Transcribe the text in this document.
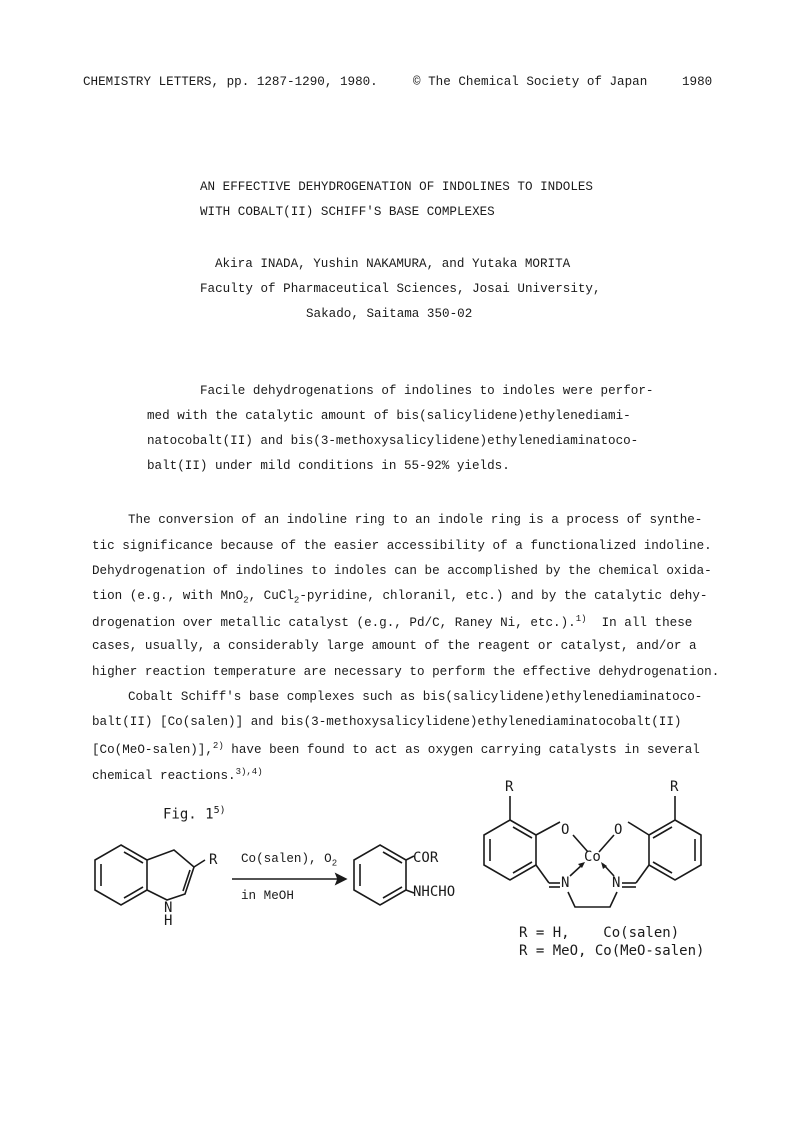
CHEMISTRY LETTERS, pp. 1287-1290, 1980.	© The Chemical Society of Japan	1980
AN EFFECTIVE DEHYDROGENATION OF INDOLINES TO INDOLES
WITH COBALT(II) SCHIFF'S BASE COMPLEXES
Akira INADA, Yushin NAKAMURA, and Yutaka MORITA
Faculty of Pharmaceutical Sciences, Josai University,
Sakado, Saitama 350-02
Facile dehydrogenations of indolines to indoles were perfor-
med with the catalytic amount of bis(salicylidene)ethylenediami-
natocobalt(II) and bis(3-methoxysalicylidene)ethylenediaminatoco-
balt(II) under mild conditions in 55-92% yields.
The conversion of an indoline ring to an indole ring is a process of synthe-
tic significance because of the easier accessibility of a functionalized indoline.
Dehydrogenation of indolines to indoles can be accomplished by the chemical oxida-
tion (e.g., with MnO$_2$, CuCl$_2$-pyridine, chloranil, etc.) and by the catalytic dehy-
drogenation over metallic catalyst (e.g., Pd/C, Raney Ni, etc.).$^{1)}$  In all these
cases, usually, a considerably large amount of the reagent or catalyst, and/or a
higher reaction temperature are necessary to perform the effective dehydrogenation.
Cobalt Schiff's base complexes such as bis(salicylidene)ethylenediaminatoco-
balt(II) [Co(salen)] and bis(3-methoxysalicylidene)ethylenediaminatocobalt(II)
[Co(MeO-salen)],$^{2)}$ have been found to act as oxygen carrying catalysts in several
chemical reactions.$^{3),4)}$
Fig. 1$^{5)}$
R
N
H
Co(salen), $O_2$
in MeOH
COR
NHCHO
R	R
O	O
Co
N	N
R = H,    Co(salen)
R = MeO, Co(MeO-salen)
